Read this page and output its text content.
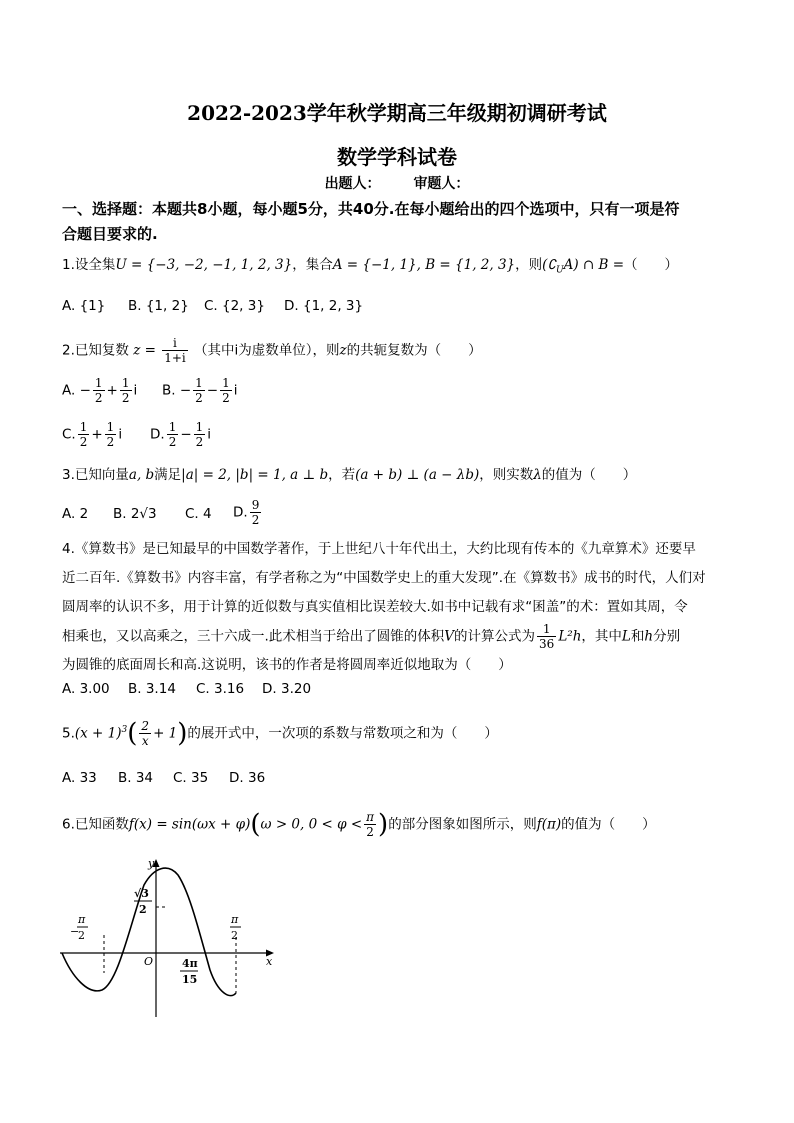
2022-2023学年秋学期高三年级期初调研考试
数学学科试卷
出题人： 审题人：
一、选择题：本题共8小题，每小题5分，共40分.在每小题给出的四个选项中，只有一项是符
合题目要求的.
1.设全集U = {−3, −2, −1, 1, 2, 3}，集合A = {−1, 1}, B = {1, 2, 3}，则$(∁_UA)$ ∩ B =（　　）
A. {1} B. {1, 2} C. {2, 3} D. {1, 2, 3}
2.已知复数 $z = \frac{i}{1+i}$ （其中i为虚数单位），则z的共轭复数为（　　）
A. − $\frac{1}{2} + \frac{1}{2}$ i B. − $\frac{1}{2} - \frac{1}{2}$ i
C. $\frac{1}{2} + \frac{1}{2}$ i D. $\frac{1}{2} - \frac{1}{2}$ i
3.已知向量a, b满足|a| = 2, |b| = 1, a ⊥ b，若(a + b) ⊥ (a − λb)，则实数λ的值为（　　）
A. 2 B. 2√3 C. 4 D. $\frac{9}{2}$
4.《算数书》是已知最早的中国数学著作，于上世纪八十年代出土，大约比现有传本的《九章算术》还要早
近二百年.《算数书》内容丰富，有学者称之为“中国数学史上的重大发现”.在《算数书》成书的时代，人们对
圆周率的认识不多，用于计算的近似数与真实值相比误差较大.如书中记载有求“囷盖”的术：置如其周，令
相乘也，又以高乘之，三十六成一.此术相当于给出了圆锥的体积V的计算公式为 $\frac{1}{36} L^2h$，其中L和h分别
为圆锥的底面周长和高.这说明，该书的作者是将圆周率近似地取为（　　）
A. 3.00 B. 3.14 C. 3.16 D. 3.20
$5.(x + 1)^3( \frac{2}{x} + 1)$的展开式中，一次项的系数与常数项之和为（　　）
A. 33 B. 34 C. 35 D. 36
6.已知函数f(x) = sin(ωx + φ)(ω > 0, $0 < \varphi < \frac{\pi}{2}$ )的部分图象如图所示，则f(π)的值为（　　）
y
x
O
√3
2
−
π
2
π
2
4π
15
